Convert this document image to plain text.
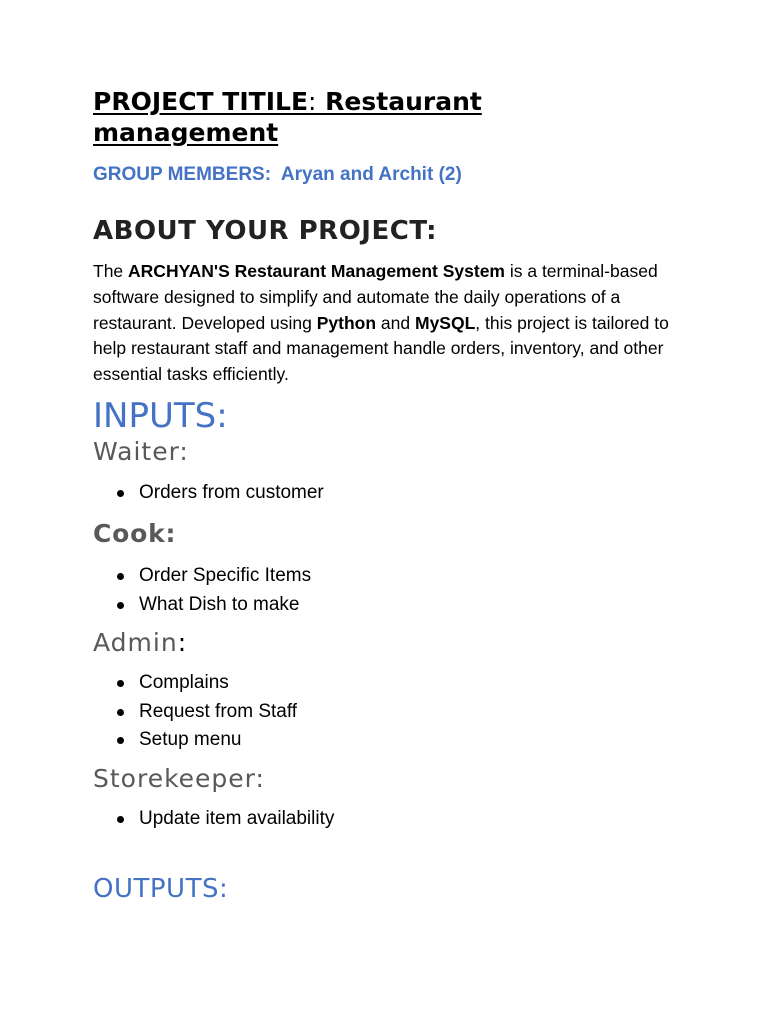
PROJECT TITILE: Restaurant management

GROUP MEMBERS:  Aryan and Archit (2)

ABOUT YOUR PROJECT:

The ARCHYAN'S Restaurant Management System is a terminal-based software designed to simplify and automate the daily operations of a restaurant. Developed using Python and MySQL, this project is tailored to help restaurant staff and management handle orders, inventory, and other essential tasks efficiently.

INPUTS:
Waiter:
Orders from customer
Cook:
Order Specific Items
What Dish to make
Admin:
Complains
Request from Staff
Setup menu
Storekeeper:
Update item availability
OUTPUTS:
